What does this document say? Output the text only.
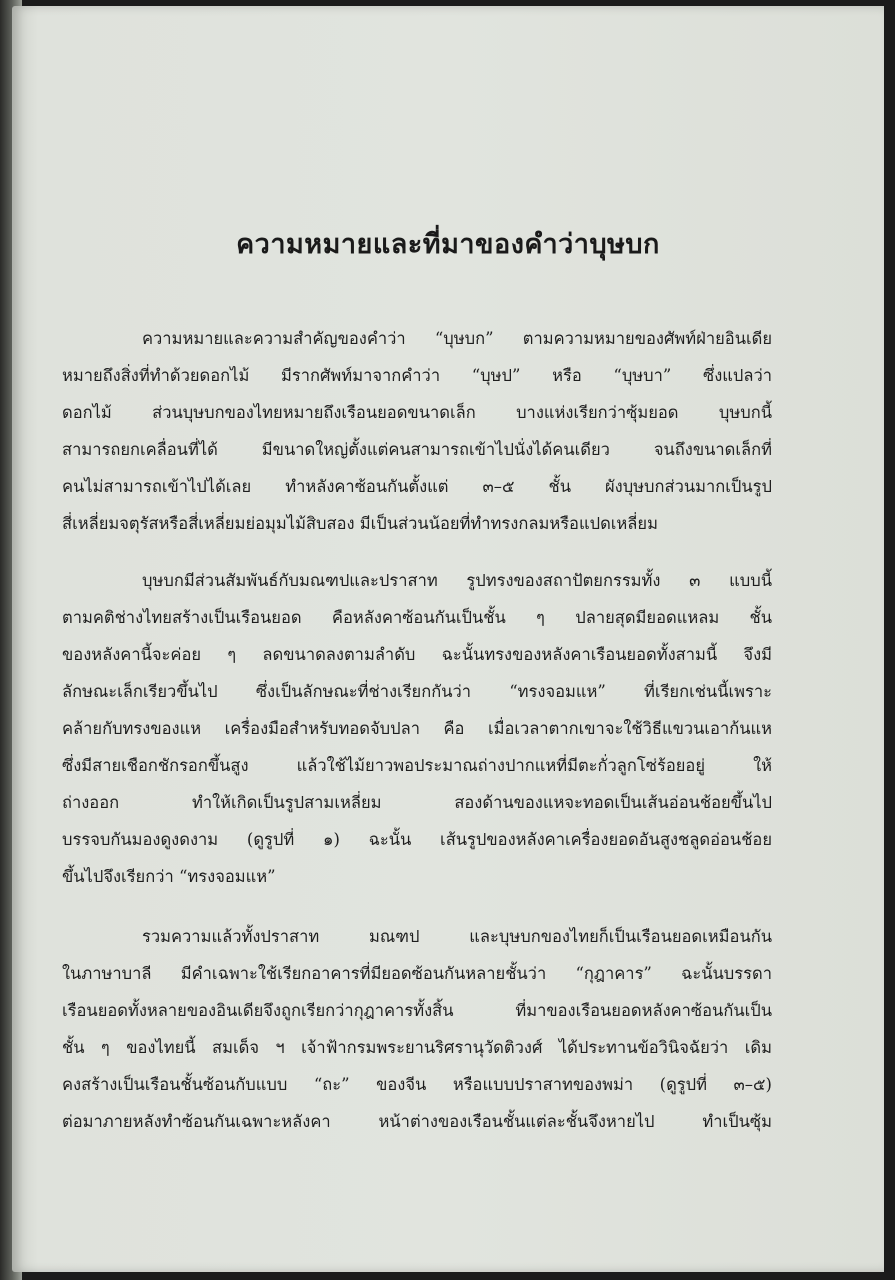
ความหมายและที่มาของคำว่าบุษบก
ความหมายและความสำคัญของคำว่า “บุษบก” ตามความหมายของศัพท์ฝ่ายอินเดีย
หมายถึงสิ่งที่ทำด้วยดอกไม้ มีรากศัพท์มาจากคำว่า “บุษป” หรือ “บุษบา” ซึ่งแปลว่า
ดอกไม้ ส่วนบุษบกของไทยหมายถึงเรือนยอดขนาดเล็ก บางแห่งเรียกว่าซุ้มยอด บุษบกนี้
สามารถยกเคลื่อนที่ได้ มีขนาดใหญ่ตั้งแต่คนสามารถเข้าไปนั่งได้คนเดียว จนถึงขนาดเล็กที่
คนไม่สามารถเข้าไปได้เลย ทำหลังคาซ้อนกันตั้งแต่ ๓–๕ ชั้น ผังบุษบกส่วนมากเป็นรูป
สี่เหลี่ยมจตุรัสหรือสี่เหลี่ยมย่อมุมไม้สิบสอง มีเป็นส่วนน้อยที่ทำทรงกลมหรือแปดเหลี่ยม
บุษบกมีส่วนสัมพันธ์กับมณฑปและปราสาท รูปทรงของสถาปัตยกรรมทั้ง ๓ แบบนี้
ตามคติช่างไทยสร้างเป็นเรือนยอด คือหลังคาซ้อนกันเป็นชั้น ๆ ปลายสุดมียอดแหลม ชั้น
ของหลังคานี้จะค่อย ๆ ลดขนาดลงตามลำดับ ฉะนั้นทรงของหลังคาเรือนยอดทั้งสามนี้ จึงมี
ลักษณะเล็กเรียวขึ้นไป ซึ่งเป็นลักษณะที่ช่างเรียกกันว่า “ทรงจอมแห” ที่เรียกเช่นนี้เพราะ
คล้ายกับทรงของแห เครื่องมือสำหรับทอดจับปลา คือ เมื่อเวลาตากเขาจะใช้วิธีแขวนเอาก้นแห
ซึ่งมีสายเชือกชักรอกขึ้นสูง แล้วใช้ไม้ยาวพอประมาณถ่างปากแหที่มีตะกั่วลูกโซ่ร้อยอยู่ ให้
ถ่างออก ทำให้เกิดเป็นรูปสามเหลี่ยม สองด้านของแหจะทอดเป็นเส้นอ่อนช้อยขึ้นไป
บรรจบกันมองดูงดงาม (ดูรูปที่ ๑) ฉะนั้น เส้นรูปของหลังคาเครื่องยอดอันสูงชลูดอ่อนช้อย
ขึ้นไปจึงเรียกว่า “ทรงจอมแห”
รวมความแล้วทั้งปราสาท มณฑป และบุษบกของไทยก็เป็นเรือนยอดเหมือนกัน
ในภาษาบาลี มีคำเฉพาะใช้เรียกอาคารที่มียอดซ้อนกันหลายชั้นว่า “กุฎาคาร” ฉะนั้นบรรดา
เรือนยอดทั้งหลายของอินเดียจึงถูกเรียกว่ากุฎาคารทั้งสิ้น ที่มาของเรือนยอดหลังคาซ้อนกันเป็น
ชั้น ๆ ของไทยนี้ สมเด็จ ฯ เจ้าฟ้ากรมพระยานริศรานุวัดติวงศ์ ได้ประทานข้อวินิจฉัยว่า เดิม
คงสร้างเป็นเรือนชั้นซ้อนกับแบบ “ถะ” ของจีน หรือแบบปราสาทของพม่า (ดูรูปที่ ๓–๕)
ต่อมาภายหลังทำซ้อนกันเฉพาะหลังคา หน้าต่างของเรือนชั้นแต่ละชั้นจึงหายไป ทำเป็นซุ้ม
